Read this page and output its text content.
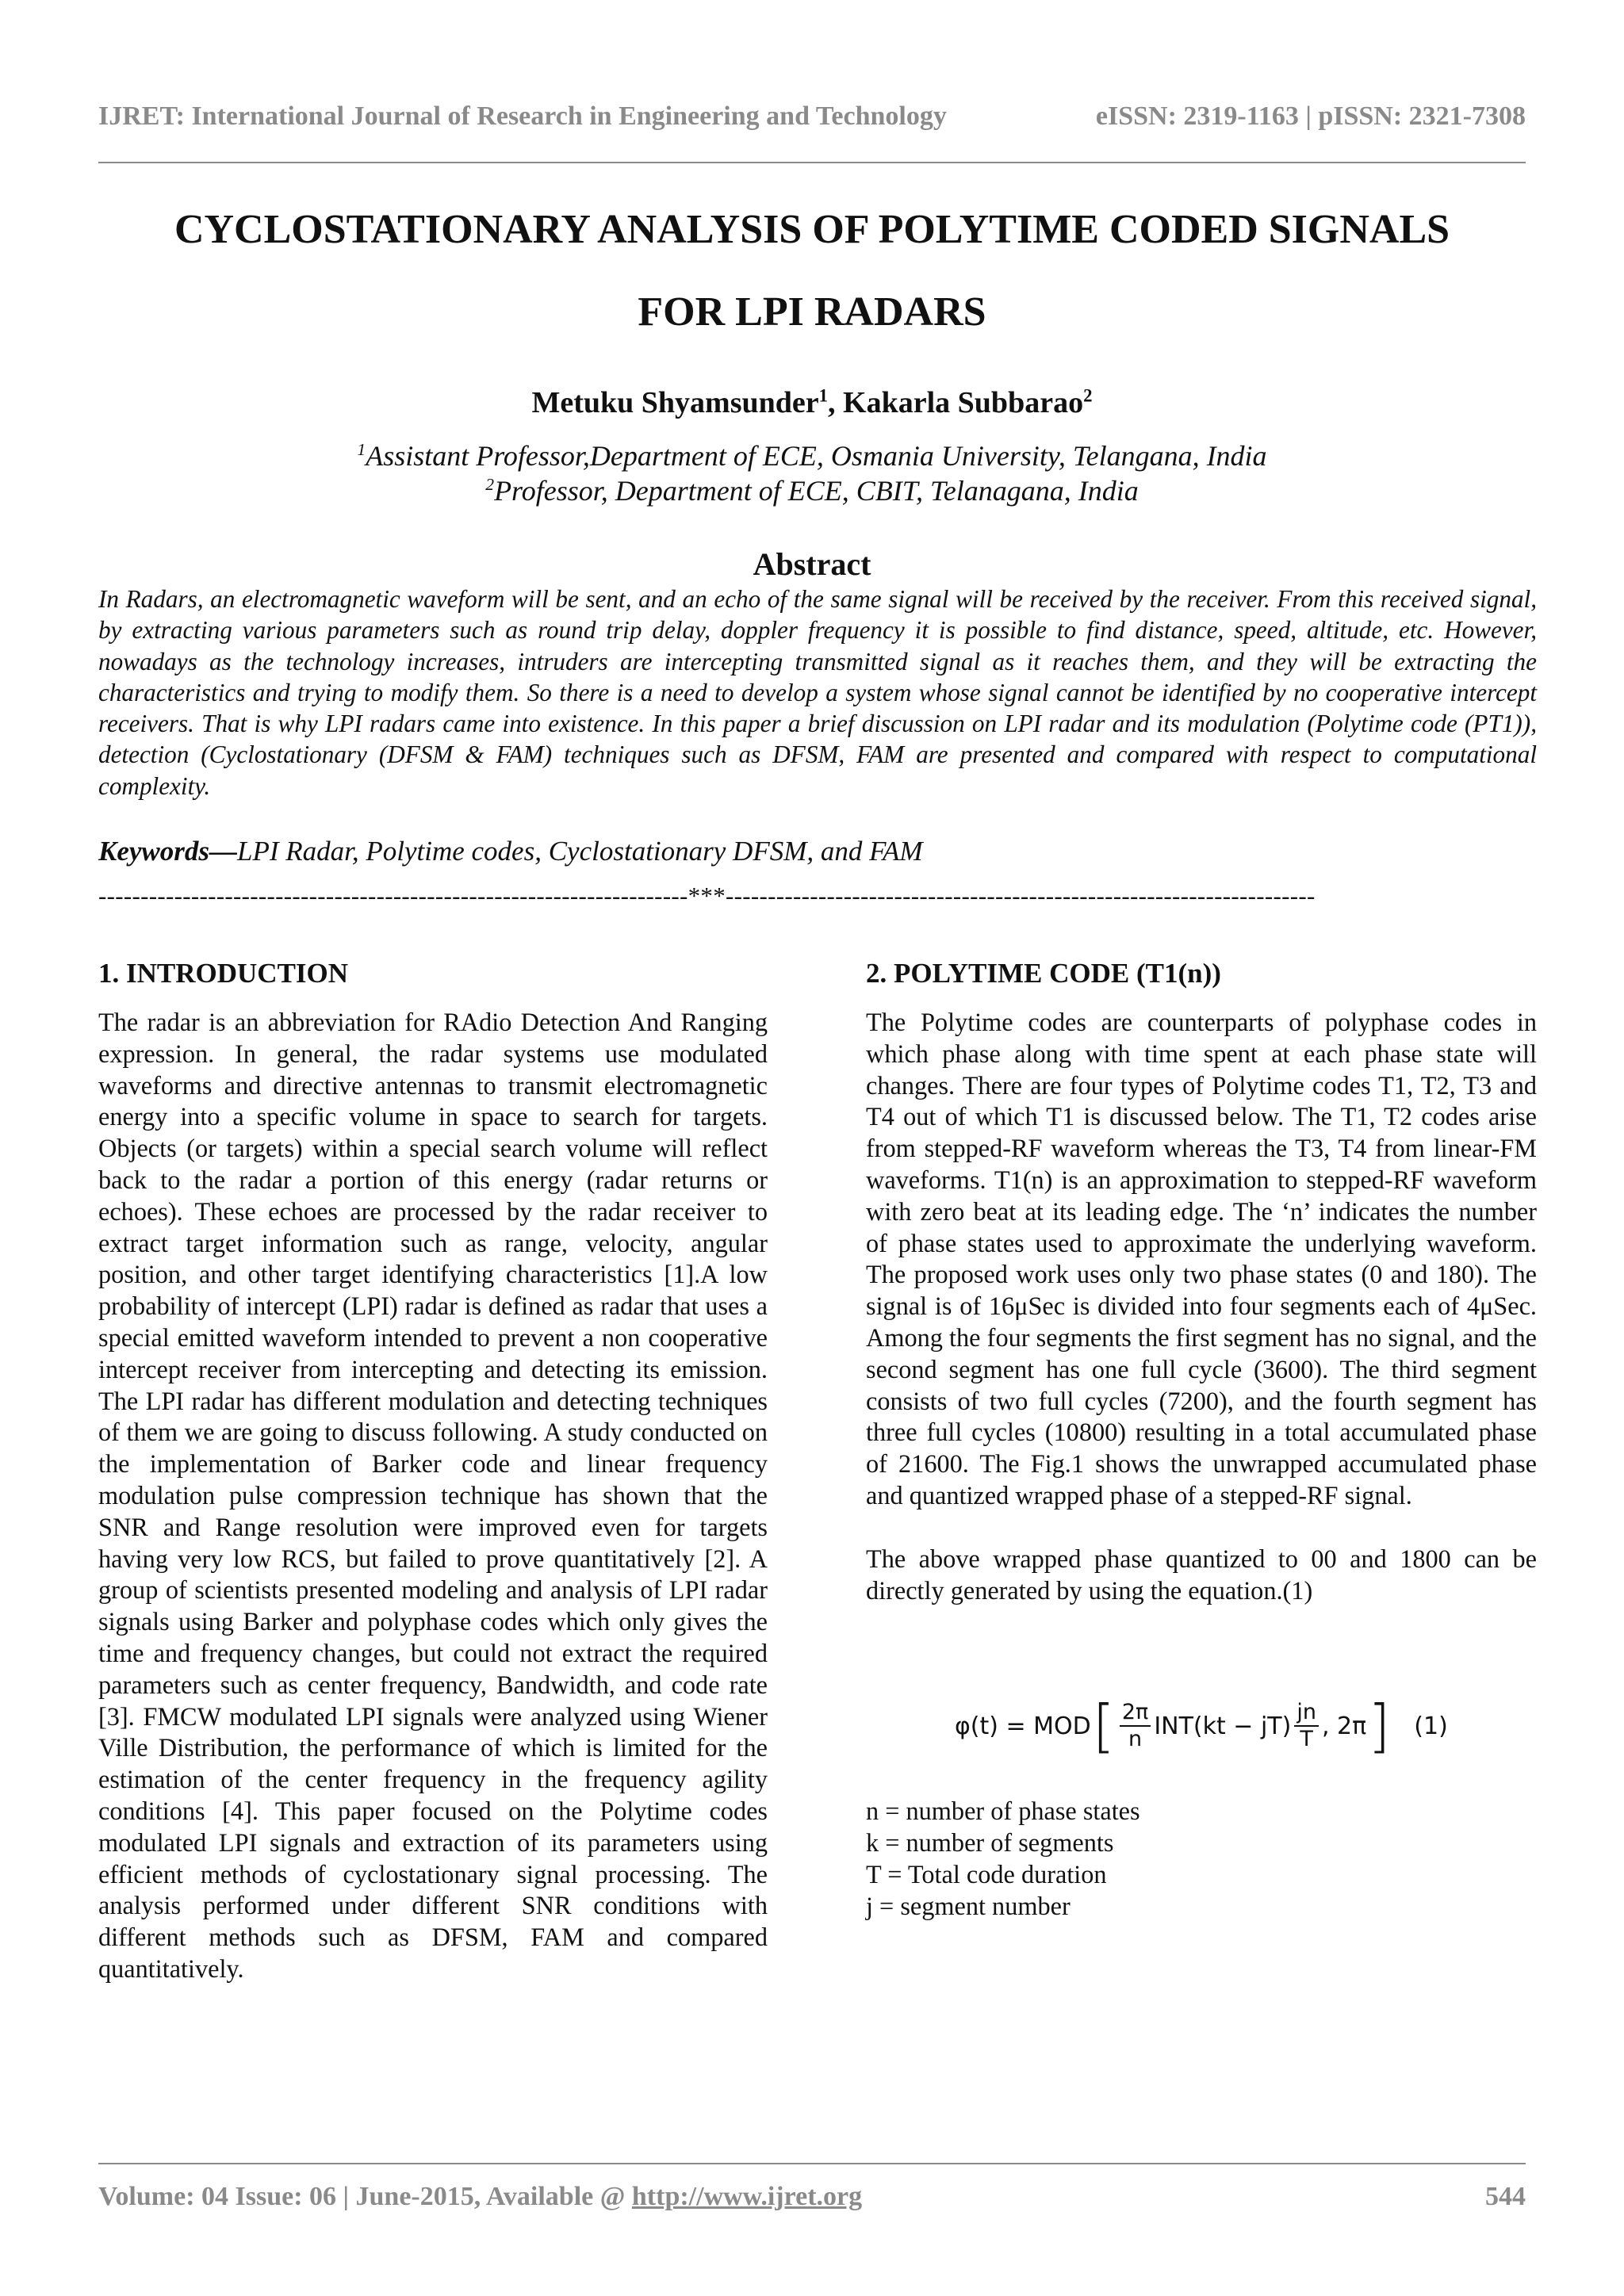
IJRET: International Journal of Research in Engineering and Technology	eISSN: 2319-1163 | pISSN: 2321-7308
CYCLOSTATIONARY ANALYSIS OF POLYTIME CODED SIGNALS
FOR LPI RADARS
Metuku Shyamsunder$^1$, Kakarla Subbarao$^2$
$^1$Assistant Professor,Department of ECE, Osmania University, Telangana, India
$^2$Professor, Department of ECE, CBIT, Telanagana, India
Abstract
In Radars, an electromagnetic waveform will be sent, and an echo of the same signal will be received by the receiver. From this received signal, by extracting various parameters such as round trip delay, doppler frequency it is possible to find distance, speed, altitude, etc. However, nowadays as the technology increases, intruders are intercepting transmitted signal as it reaches them, and they will be extracting the characteristics and trying to modify them. So there is a need to develop a system whose signal cannot be identified by no cooperative intercept receivers. That is why LPI radars came into existence. In this paper a brief discussion on LPI radar and its modulation (Polytime code (PT1)), detection (Cyclostationary (DFSM & FAM) techniques such as DFSM, FAM are presented and compared with respect to computational complexity.
Keywords—LPI Radar, Polytime codes, Cyclostationary DFSM, and FAM
----------------------------------------------------------------------***----------------------------------------------------------------------
1. INTRODUCTION

The radar is an abbreviation for RAdio Detection And Ranging expression. In general, the radar systems use modulated waveforms and directive antennas to transmit electromagnetic energy into a specific volume in space to search for targets. Objects (or targets) within a special search volume will reflect back to the radar a portion of this energy (radar returns or echoes). These echoes are processed by the radar receiver to extract target information such as range, velocity, angular position, and other target identifying characteristics [1].A low probability of intercept (LPI) radar is defined as radar that uses a special emitted waveform intended to prevent a non cooperative intercept receiver from intercepting and detecting its emission. The LPI radar has different modulation and detecting techniques of them we are going to discuss following. A study conducted on the implementation of Barker code and linear frequency modulation pulse compression technique has shown that the SNR and Range resolution were improved even for targets having very low RCS, but failed to prove quantitatively [2]. A group of scientists presented modeling and analysis of LPI radar signals using Barker and polyphase codes which only gives the time and frequency changes, but could not extract the required parameters such as center frequency, Bandwidth, and code rate [3]. FMCW modulated LPI signals were analyzed using Wiener Ville Distribution, the performance of which is limited for the estimation of the center frequency in the frequency agility conditions [4]. This paper focused on the Polytime codes modulated LPI signals and extraction of its parameters using efficient methods of cyclostationary signal processing. The analysis performed under different SNR conditions with different methods such as DFSM, FAM and compared quantitatively.

2. POLYTIME CODE (T1(n))

The Polytime codes are counterparts of polyphase codes in which phase along with time spent at each phase state will changes. There are four types of Polytime codes T1, T2, T3 and T4 out of which T1 is discussed below. The T1, T2 codes arise from stepped-RF waveform whereas the T3, T4 from linear-FM waveforms. T1(n) is an approximation to stepped-RF waveform with zero beat at its leading edge. The ‘n’ indicates the number of phase states used to approximate the underlying waveform. The proposed work uses only two phase states (0 and 180). The signal is of 16μSec is divided into four segments each of 4μSec. Among the four segments the first segment has no signal, and the second segment has one full cycle (3600). The third segment consists of two full cycles (7200), and the fourth segment has three full cycles (10800) resulting in a total accumulated phase of 21600. The Fig.1 shows the unwrapped accumulated phase and quantized wrapped phase of a stepped-RF signal.

The above wrapped phase quantized to 00 and 1800 can be directly generated by using the equation.(1)

φ(t) = MOD [ $\frac{2\pi}{n} INT(kt - jT) \frac{jn}{T}$ , 2π ] (1)
n = number of phase states
k = number of segments
T = Total code duration
j = segment number
Volume: 04 Issue: 06 | June-2015, Available @ http://www.ijret.org	544
